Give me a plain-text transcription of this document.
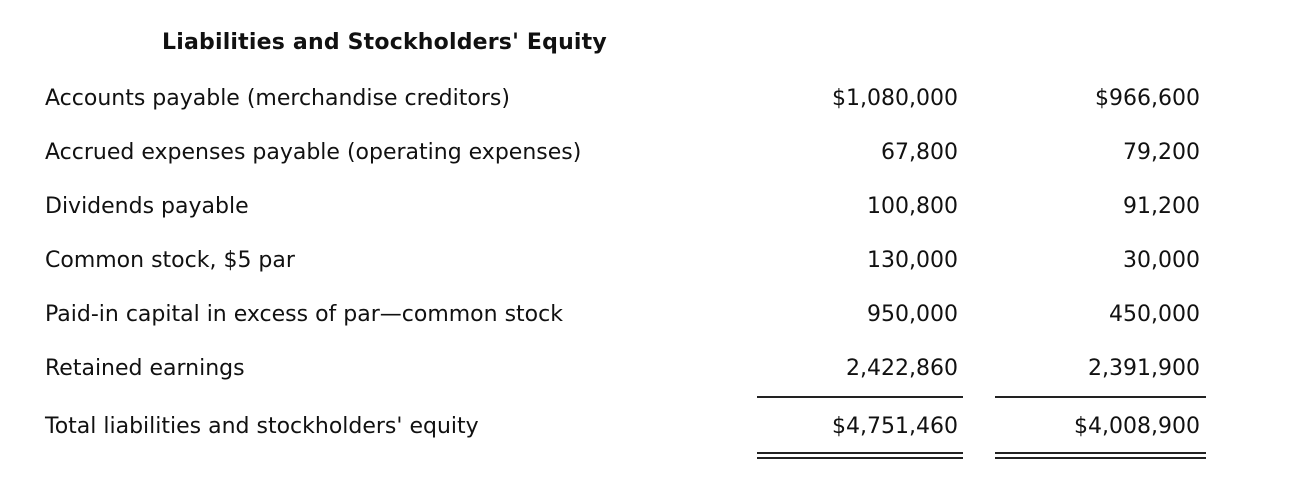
Liabilities and Stockholders' Equity
Accounts payable (merchandise creditors)	$1,080,000	$966,600
Accrued expenses payable (operating expenses)	67,800	79,200
Dividends payable	100,800	91,200
Common stock, $5 par	130,000	30,000
Paid-in capital in excess of par—common stock	950,000	450,000
Retained earnings	2,422,860	2,391,900
Total liabilities and stockholders' equity	$4,751,460	$4,008,900
